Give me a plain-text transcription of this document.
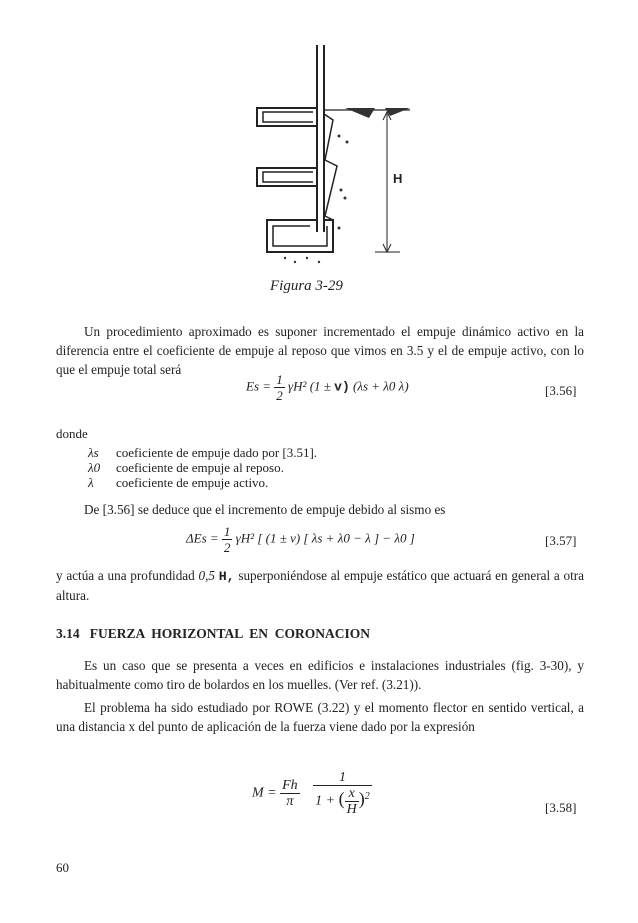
H
Figura 3-29
Un procedimiento aproximado es suponer incrementado el empuje dinámico activo en la diferencia entre el coeficiente de empuje al reposo que vimos en 3.5 y el de empuje activo, con lo que el empuje total será
$Es = \frac{1}{2} \gamma H^2$ (1 ± v) (λs + λ0 λ)	[3.56]
donde
λs	coeficiente de empuje dado por [3.51].
λ0 coeficiente de empuje al reposo.
λ	coeficiente de empuje activo.
De [3.56] se deduce que el incremento de empuje debido al sismo es
$\Delta Es = \frac{1}{2} \gamma H^2$ [ (1 ± v) [ λs + λ0 − λ ] − λ0 ]	[3.57]
y actúa a una profundidad 0,5 H, superponiéndose al empuje estático que actuará en general a otra altura.
3.14   FUERZA  HORIZONTAL  EN  CORONACION
Es un caso que se presenta a veces en edificios e instalaciones industriales (fig. 3-30), y habitualmente como tiro de bolardos en los muelles. (Ver ref. (3.21)).
El problema ha sido estudiado por ROWE (3.22) y el momento flector en sentido vertical, a una distancia x del punto de aplicación de la fuerza viene dado por la expresión
$M = \frac{Fh}{\pi}$
$\frac{1}{1 + ( \frac{x}{H} )^2}$	[3.58]
60
